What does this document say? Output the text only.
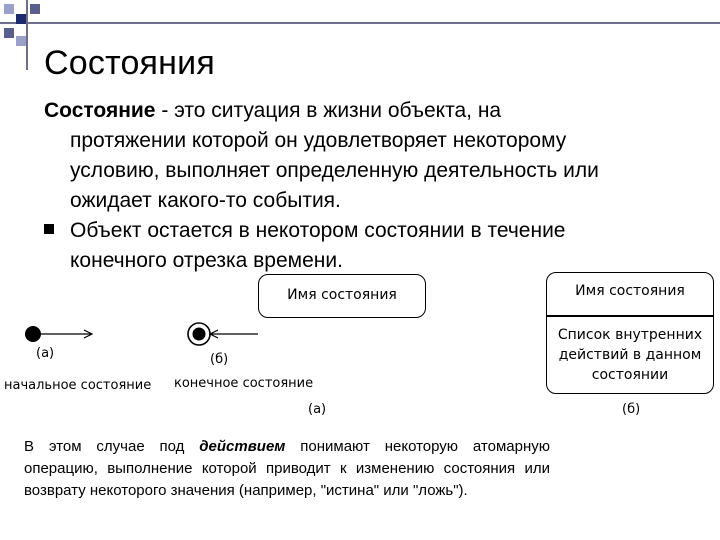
Состояния
Состояние - это ситуация в жизни объекта, на
протяжении которой он удовлетворяет некоторому
условию, выполняет определенную деятельность или
ожидает какого-то события.
Объект остается в некотором состоянии в течение
конечного отрезка времени.
(а)	(б)
начальное состояние конечное состояние
Имя состояния
(а)
Имя состояния
Список внутренних
действий в данном
состоянии
(б)
В этом случае под действием понимают некоторую атомарную операцию, выполнение которой приводит к изменению состояния или возврату некоторого значения (например, "истина" или "ложь").
